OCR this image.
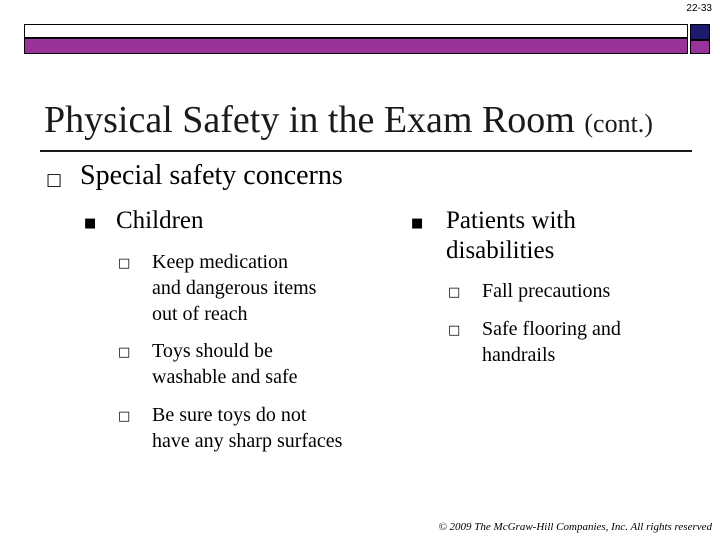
22-33
Physical Safety in the Exam Room (cont.)
□ Special safety concerns
■ Children
□ Keep medication
and dangerous items
out of reach
□ Toys should be
washable and safe
□ Be sure toys do not
have any sharp surfaces
■ Patients with
disabilities
□ Fall precautions
□ Safe flooring and
handrails
© 2009 The McGraw-Hill Companies, Inc. All rights reserved
